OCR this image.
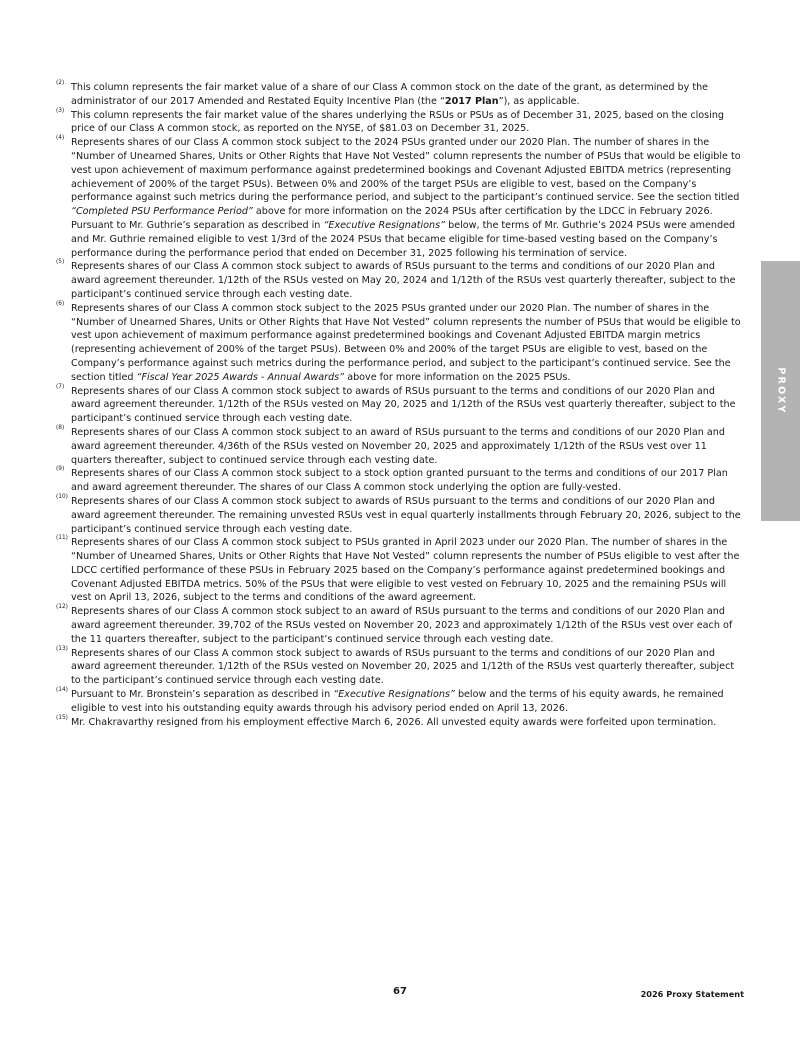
(2) This column represents the fair market value of a share of our Class A common stock on the date of the grant, as determined by the administrator of our 2017 Amended and Restated Equity Incentive Plan (the “2017 Plan”), as applicable.
(3) This column represents the fair market value of the shares underlying the RSUs or PSUs as of December 31, 2025, based on the closing price of our Class A common stock, as reported on the NYSE, of $81.03 on December 31, 2025.
(4) Represents shares of our Class A common stock subject to the 2024 PSUs granted under our 2020 Plan. The number of shares in the “Number of Unearned Shares, Units or Other Rights that Have Not Vested” column represents the number of PSUs that would be eligible to vest upon achievement of maximum performance against predetermined bookings and Covenant Adjusted EBITDA metrics (representing achievement of 200% of the target PSUs). Between 0% and 200% of the target PSUs are eligible to vest, based on the Company’s performance against such metrics during the performance period, and subject to the participant’s continued service. See the section titled “Completed PSU Performance Period” above for more information on the 2024 PSUs after certification by the LDCC in February 2026. Pursuant to Mr. Guthrie’s separation as described in “Executive Resignations” below, the terms of Mr. Guthrie’s 2024 PSUs were amended and Mr. Guthrie remained eligible to vest 1/3rd of the 2024 PSUs that became eligible for time-based vesting based on the Company’s performance during the performance period that ended on December 31, 2025 following his termination of service.
(5) Represents shares of our Class A common stock subject to awards of RSUs pursuant to the terms and conditions of our 2020 Plan and award agreement thereunder. 1/12th of the RSUs vested on May 20, 2024 and 1/12th of the RSUs vest quarterly thereafter, subject to the participant’s continued service through each vesting date.
(6) Represents shares of our Class A common stock subject to the 2025 PSUs granted under our 2020 Plan. The number of shares in the “Number of Unearned Shares, Units or Other Rights that Have Not Vested” column represents the number of PSUs that would be eligible to vest upon achievement of maximum performance against predetermined bookings and Covenant Adjusted EBITDA margin metrics (representing achievement of 200% of the target PSUs). Between 0% and 200% of the target PSUs are eligible to vest, based on the Company’s performance against such metrics during the performance period, and subject to the participant’s continued service. See the section titled “Fiscal Year 2025 Awards - Annual Awards” above for more information on the 2025 PSUs.
(7) Represents shares of our Class A common stock subject to awards of RSUs pursuant to the terms and conditions of our 2020 Plan and award agreement thereunder. 1/12th of the RSUs vested on May 20, 2025 and 1/12th of the RSUs vest quarterly thereafter, subject to the participant’s continued service through each vesting date.
(8) Represents shares of our Class A common stock subject to an award of RSUs pursuant to the terms and conditions of our 2020 Plan and award agreement thereunder. 4/36th of the RSUs vested on November 20, 2025 and approximately 1/12th of the RSUs vest over 11 quarters thereafter, subject to continued service through each vesting date.
(9) Represents shares of our Class A common stock subject to a stock option granted pursuant to the terms and conditions of our 2017 Plan and award agreement thereunder. The shares of our Class A common stock underlying the option are fully-vested.
(10) Represents shares of our Class A common stock subject to awards of RSUs pursuant to the terms and conditions of our 2020 Plan and award agreement thereunder. The remaining unvested RSUs vest in equal quarterly installments through February 20, 2026, subject to the participant’s continued service through each vesting date.
(11) Represents shares of our Class A common stock subject to PSUs granted in April 2023 under our 2020 Plan. The number of shares in the “Number of Unearned Shares, Units or Other Rights that Have Not Vested” column represents the number of PSUs eligible to vest after the LDCC certified performance of these PSUs in February 2025 based on the Company’s performance against predetermined bookings and Covenant Adjusted EBITDA metrics. 50% of the PSUs that were eligible to vest vested on February 10, 2025 and the remaining PSUs will vest on April 13, 2026, subject to the terms and conditions of the award agreement.
(12) Represents shares of our Class A common stock subject to an award of RSUs pursuant to the terms and conditions of our 2020 Plan and award agreement thereunder. 39,702 of the RSUs vested on November 20, 2023 and approximately 1/12th of the RSUs vest over each of the 11 quarters thereafter, subject to the participant’s continued service through each vesting date.
(13) Represents shares of our Class A common stock subject to awards of RSUs pursuant to the terms and conditions of our 2020 Plan and award agreement thereunder. 1/12th of the RSUs vested on November 20, 2025 and 1/12th of the RSUs vest quarterly thereafter, subject to the participant’s continued service through each vesting date.
(14) Pursuant to Mr. Bronstein’s separation as described in “Executive Resignations” below and the terms of his equity awards, he remained eligible to vest into his outstanding equity awards through his advisory period ended on April 13, 2026.
(15) Mr. Chakravarthy resigned from his employment effective March 6, 2026. All unvested equity awards were forfeited upon termination.
PROXY
67	2026 Proxy Statement
